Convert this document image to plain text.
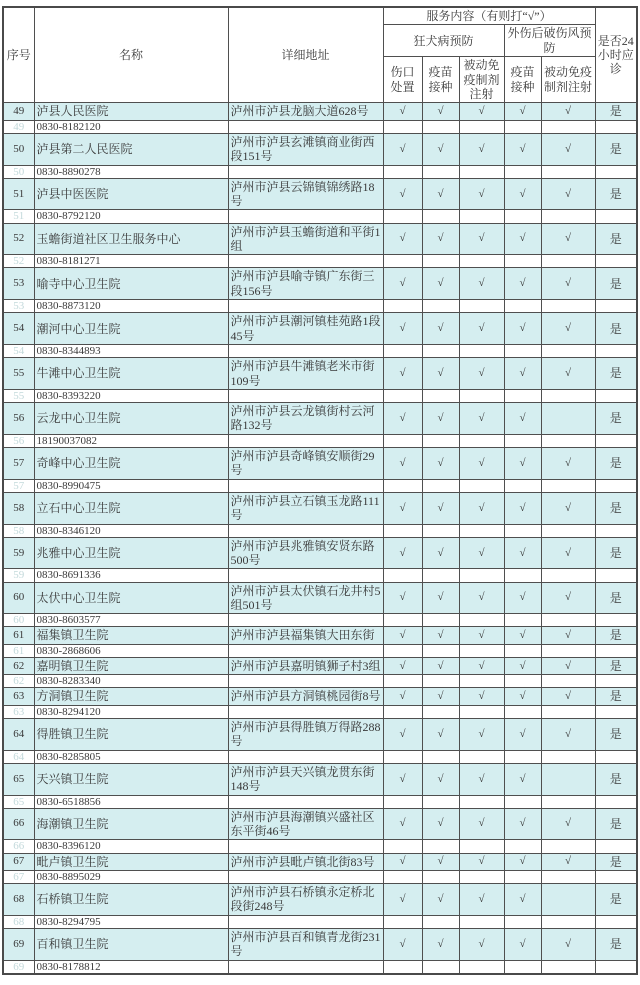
序号	名称	详细地址	服务内容（有则打“√”）					是否24小时应诊
			狂犬病预防			外伤后破伤风预防		
			伤口处置	疫苗接种	被动免疫制剂注射	疫苗接种	被动免疫制剂注射	
49	泸县人民医院	泸州市泸县龙脑大道628号	√	√	√	√	√	是
49	0830-8182120							
50	泸县第二人民医院	泸州市泸县玄滩镇商业街西段151号	√	√	√	√	√	是
50	0830-8890278							
51	泸县中医医院	泸州市泸县云锦镇锦绣路18号	√	√	√	√	√	是
51	0830-8792120							
52	玉蟾街道社区卫生服务中心	泸州市泸县玉蟾街道和平街1组	√	√	√	√	√	是
52	0830-8181271							
53	喻寺中心卫生院	泸州市泸县喻寺镇广东街三段156号	√	√	√	√	√	是
53	0830-8873120							
54	潮河中心卫生院	泸州市泸县潮河镇桂苑路1段45号	√	√	√	√	√	是
54	0830-8344893							
55	牛滩中心卫生院	泸州市泸县牛滩镇老米市街109号	√	√	√	√	√	是
55	0830-8393220							
56	云龙中心卫生院	泸州市泸县云龙镇街村云河路132号	√	√	√	√		是
56	18190037082							
57	奇峰中心卫生院	泸州市泸县奇峰镇安顺街29号	√	√	√	√	√	是
57	0830-8990475							
58	立石中心卫生院	泸州市泸县立石镇玉龙路111号	√	√	√	√	√	是
58	0830-8346120							
59	兆雅中心卫生院	泸州市泸县兆雅镇安贤东路500号	√	√	√	√	√	是
59	0830-8691336							
60	太伏中心卫生院	泸州市泸县太伏镇石龙井村5组501号	√	√	√	√	√	是
60	0830-8603577							
61	福集镇卫生院	泸州市泸县福集镇大田东街	√	√	√	√	√	是
61	0830-2868606							
62	嘉明镇卫生院	泸州市泸县嘉明镇狮子村3组	√	√	√	√	√	是
62	0830-8283340							
63	方洞镇卫生院	泸州市泸县方洞镇桃园街8号	√	√	√	√	√	是
63	0830-8294120							
64	得胜镇卫生院	泸州市泸县得胜镇万得路288号	√	√	√	√	√	是
64	0830-8285805							
65	天兴镇卫生院	泸州市泸县天兴镇龙贯东街148号	√	√	√	√		是
65	0830-6518856							
66	海潮镇卫生院	泸州市泸县海潮镇兴盛社区东平街46号	√	√	√	√	√	是
66	0830-8396120							
67	毗卢镇卫生院	泸州市泸县毗卢镇北街83号	√	√	√	√	√	是
67	0830-8895029							
68	石桥镇卫生院	泸州市泸县石桥镇永定桥北段街248号	√	√	√	√		是
68	0830-8294795							
69	百和镇卫生院	泸州市泸县百和镇青龙街231号	√	√	√	√	√	是
69	0830-8178812							
